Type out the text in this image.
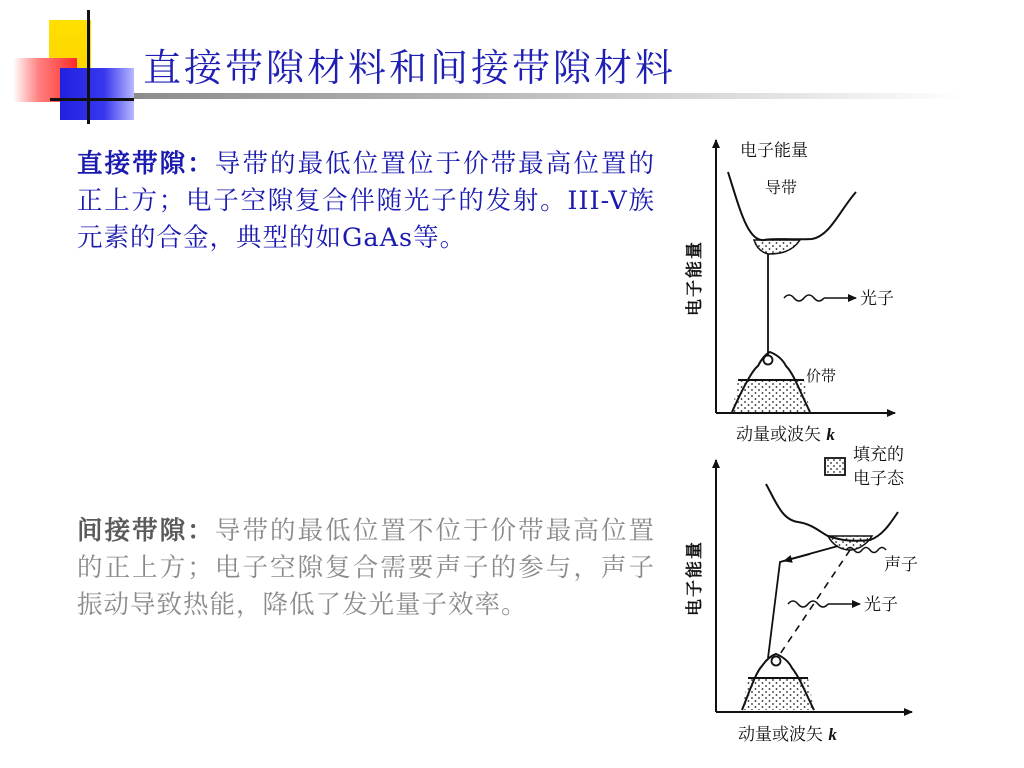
直接带隙材料和间接带隙材料

直接带隙：导带的最低位置位于价带最高位置的正上方；电子空隙复合伴随光子的发射。III-V族元素的合金，典型的如GaAs等。

间接带隙：导带的最低位置不位于价带最高位置的正上方；电子空隙复合需要声子的参与，声子振动导致热能，降低了发光量子效率。

电子能量
导带
光子
价带
电子能量
动量或波矢 k
填充的
电子态
声子
光子
电子能量
动量或波矢 k
